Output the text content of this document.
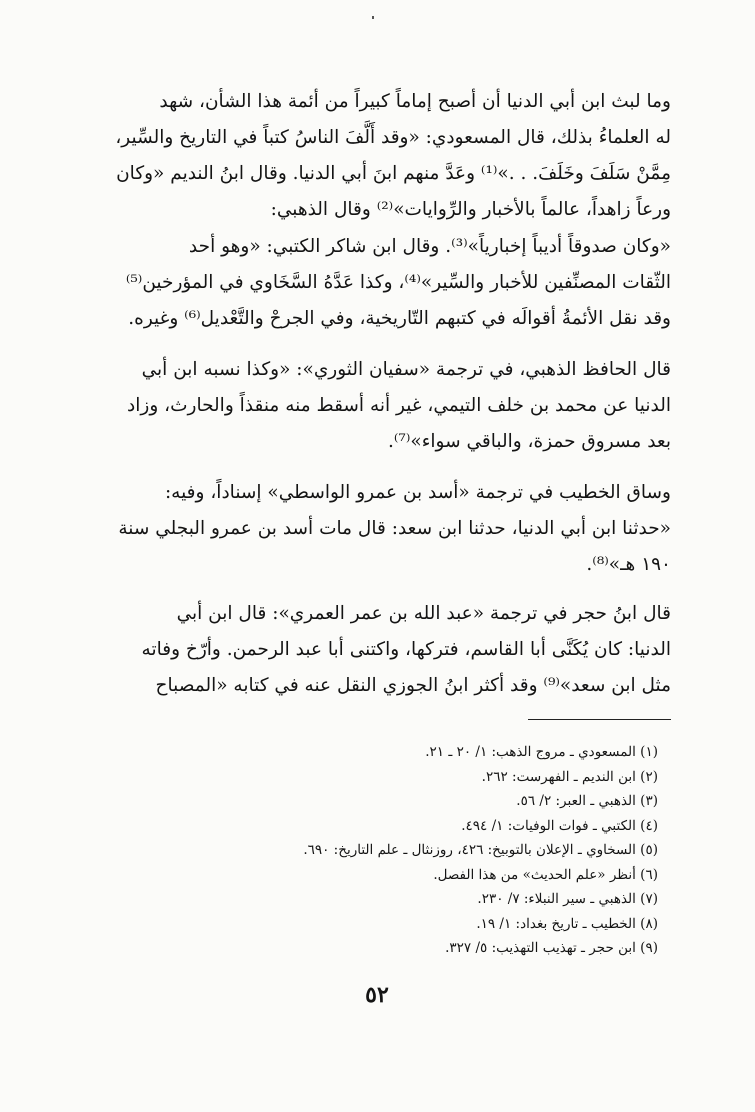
وما لبث ابن أبي الدنيا أن أصبح إماماً كبيراً من أئمة هذا الشأن، شهد
له العلماءُ بذلك، قال المسعودي: «وقد أَلَّفَ الناسُ كتباً في التاريخ والسِّير،
مِمَّنْ سَلَفَ وخَلَفَ. . .»⁽¹⁾ وعَدَّ منهم ابنَ أبي الدنيا. وقال ابنُ النديم «وكان
ورعاً زاهداً، عالماً بالأخبار والرِّوايات»⁽²⁾ وقال الذهبي:
«وكان صدوقاً أديباً إخبارياً»⁽³⁾. وقال ابن شاكر الكتبي: «وهو أحد
الثّقات المصنِّفين للأخبار والسِّير»⁽⁴⁾، وكذا عَدَّهُ السَّخَاوي في المؤرخين⁽⁵⁾
وقد نقل الأئمةُ أقوالَه في كتبهم التّاريخية، وفي الجرحْ والتَّعْديل⁽⁶⁾ وغيره.
قال الحافظ الذهبي، في ترجمة «سفيان الثوري»: «وكذا نسبه ابن أبي
الدنيا عن محمد بن خلف التيمي، غير أنه أسقط منه منقذاً والحارث، وزاد
بعد مسروق حمزة، والباقي سواء»⁽⁷⁾.
وساق الخطيب في ترجمة «أسد بن عمرو الواسطي» إسناداً، وفيه:
«حدثنا ابن أبي الدنيا، حدثنا ابن سعد: قال مات أسد بن عمرو البجلي سنة
١٩٠ هـ»⁽⁸⁾.
قال ابنُ حجر في ترجمة «عبد الله بن عمر العمري»: قال ابن أبي
الدنيا: كان يُكَنَّى أبا القاسم، فتركها، واكتنى أبا عبد الرحمن. وأرّخ وفاته
مثل ابن سعد»⁽⁹⁾ وقد أكثر ابنُ الجوزي النقل عنه في كتابه «المصباح
(١) المسعودي ـ مروج الذهب: ١/ ٢٠ ـ ٢١.
(٢) ابن النديم ـ الفهرست: ٢٦٢.
(٣) الذهبي ـ العبر: ٢/ ٥٦.
(٤) الكتبي ـ فوات الوفيات: ١/ ٤٩٤.
(٥) السخاوي ـ الإعلان بالتوبيخ: ٤٢٦، روزنثال ـ علم التاريخ: ٦٩٠.
(٦) أنظر «علم الحديث» من هذا الفصل.
(٧) الذهبي ـ سير النبلاء: ٧/ ٢٣٠.
(٨) الخطيب ـ تاريخ بغداد: ١/ ١٩.
(٩) ابن حجر ـ تهذيب التهذيب: ٥/ ٣٢٧.
٥٢
